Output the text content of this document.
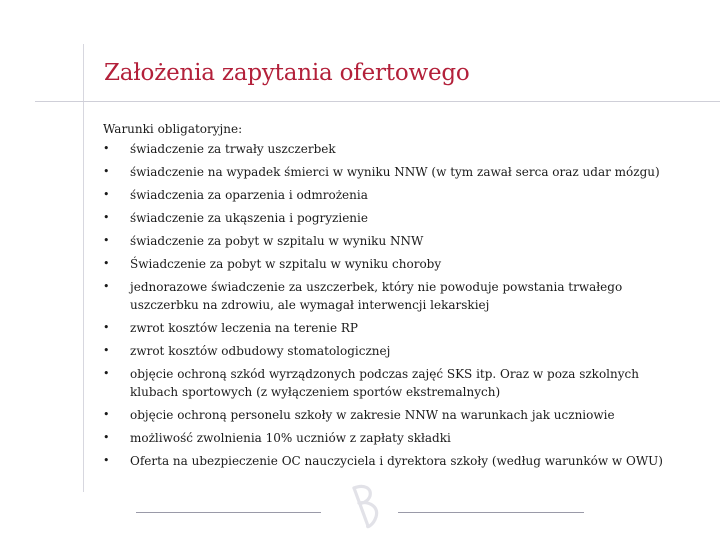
Założenia zapytania ofertowego
Warunki obligatoryjne:
• świadczenie za trwały uszczerbek
• świadczenie na wypadek śmierci w wyniku NNW (w tym zawał serca oraz udar mózgu)
• świadczenia za oparzenia i odmrożenia
• świadczenie za ukąszenia i pogryzienie
• świadczenie za pobyt w szpitalu w wyniku NNW
• Świadczenie za pobyt w szpitalu w wyniku choroby
• jednorazowe świadczenie za uszczerbek, który nie powoduje powstania trwałego uszczerbku na zdrowiu, ale wymagał interwencji lekarskiej
• zwrot kosztów leczenia na terenie RP
• zwrot kosztów odbudowy stomatologicznej
• objęcie ochroną szkód wyrządzonych podczas zajęć SKS itp. Oraz w poza szkolnych klubach sportowych (z wyłączeniem sportów ekstremalnych)
• objęcie ochroną personelu szkoły w zakresie NNW na warunkach jak uczniowie
• możliwość zwolnienia 10% uczniów z zapłaty składki
• Oferta na ubezpieczenie OC nauczyciela i dyrektora szkoły (według warunków w OWU)
